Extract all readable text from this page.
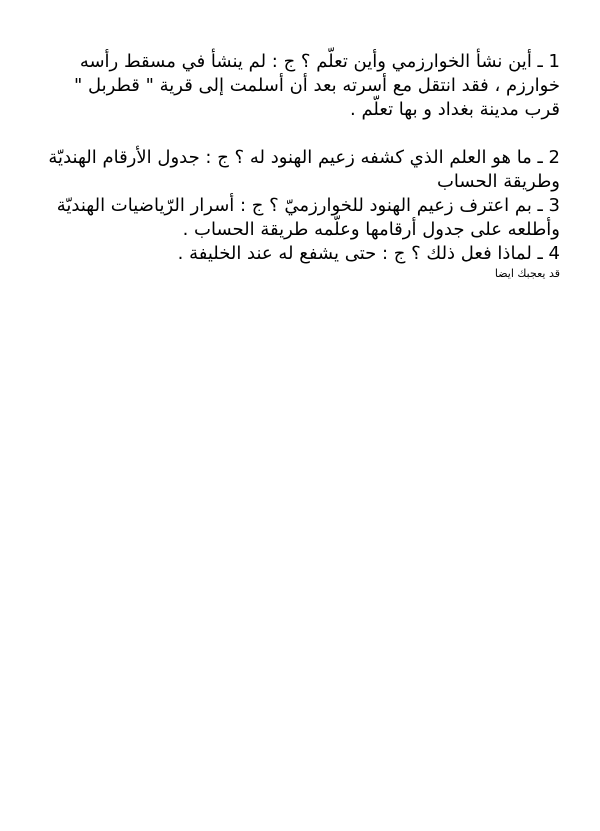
1 ـ أين نشأ الخوارزمي وأين تعلّم ؟ ج : لم ينشأ في مسقط رأسه خوارزم ، فقد انتقل مع أسرته بعد أن أسلمت إلى قرية " قطربل " قرب مدينة بغداد و بها تعلّم .

2 ـ ما هو العلم الذي كشفه زعيم الهنود له ؟ ج : جدول الأرقام الهنديّة وطريقة الحساب

3 ـ بم اعترف زعيم الهنود للخوارزميّ ؟ ج : أسرار الرّياضيات الهنديّة وأطلعه على جدول أرقامها وعلّمه طريقة الحساب .

4 ـ لماذا فعل ذلك ؟ ج : حتى يشفع له عند الخليفة .

قد يعجبك ايضا
